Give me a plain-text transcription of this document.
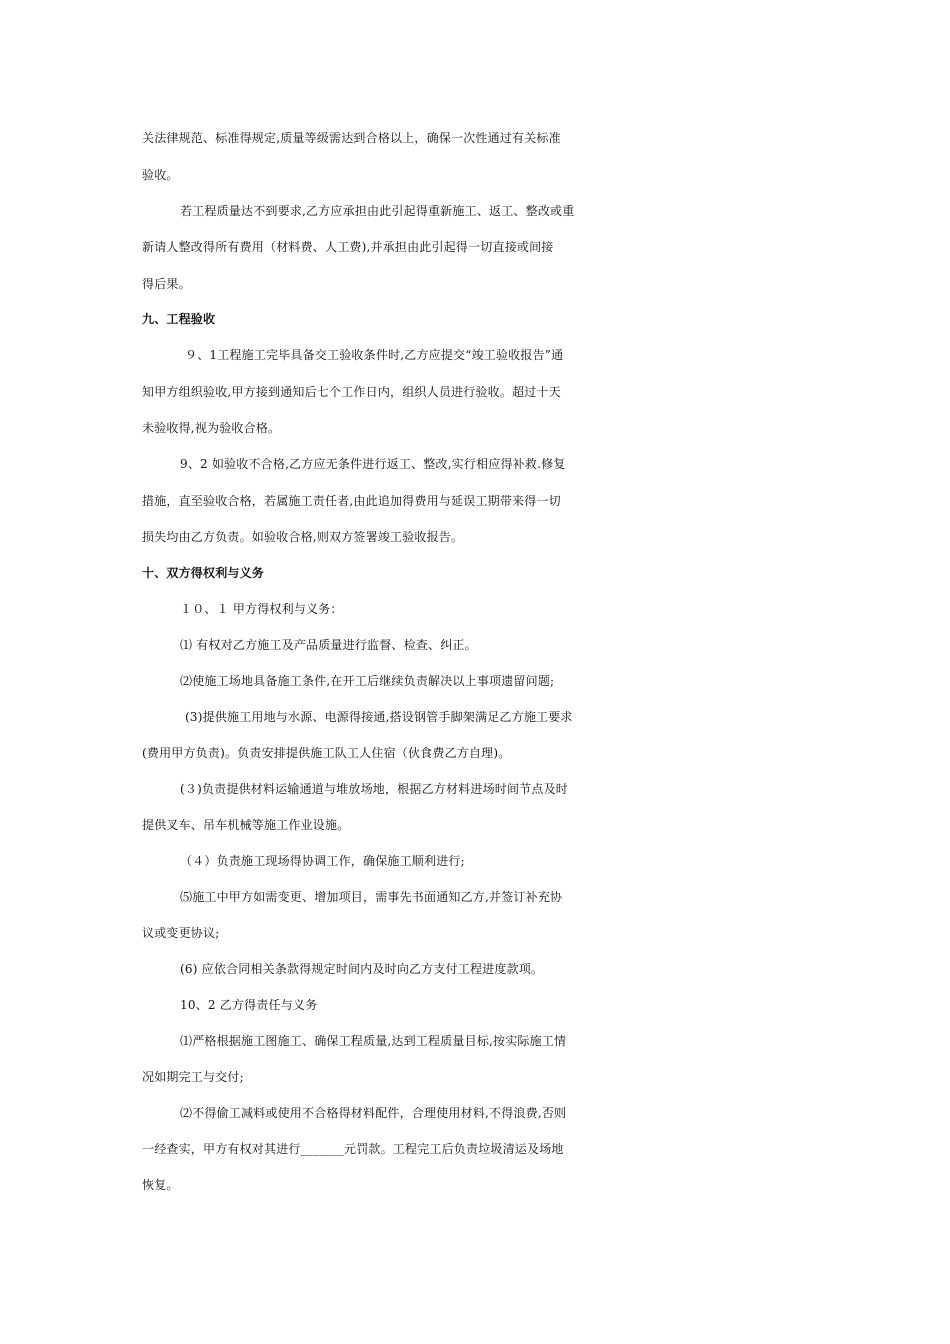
关法律规范、标准得规定,质量等级需达到合格以上，确保一次性通过有关标准
验收。
若工程质量达不到要求,乙方应承担由此引起得重新施工、返工、整改或重
新请人整改得所有费用（材料费、人工费),并承担由此引起得一切直接或间接
得后果。
九、工程验收
９、1工程施工完毕具备交工验收条件时,乙方应提交“竣工验收报告”通
知甲方组织验收,甲方接到通知后七个工作日内，组织人员进行验收。超过十天
未验收得,视为验收合格。
9、2 如验收不合格,乙方应无条件进行返工、整改,实行相应得补救.修复
措施，直至验收合格，若属施工责任者,由此追加得费用与延误工期带来得一切
损失均由乙方负责。如验收合格,则双方签署竣工验收报告。
十、双方得权利与义务
１０、１ 甲方得权利与义务：
⑴ 有权对乙方施工及产品质量进行监督、检查、纠正。
⑵使施工场地具备施工条件,在开工后继续负责解决以上事项遗留问题;
(3)提供施工用地与水源、电源得接通,搭设钢管手脚架满足乙方施工要求
(费用甲方负责)。负责安排提供施工队工人住宿（伙食费乙方自理)。
(３)负责提供材料运输通道与堆放场地，根据乙方材料进场时间节点及时
提供叉车、吊车机械等施工作业设施。
（４）负责施工现场得协调工作，确保施工顺利进行;
⑸施工中甲方如需变更、增加项目，需事先书面通知乙方,并签订补充协
议或变更协议;
(6) 应依合同相关条款得规定时间内及时向乙方支付工程进度款项。
10、2 乙方得责任与义务
⑴严格根据施工图施工、确保工程质量,达到工程质量目标,按实际施工情
况如期完工与交付;
⑵不得偷工减料或使用不合格得材料配件，合理使用材料,不得浪费,否则
一经查实，甲方有权对其进行_______元罚款。工程完工后负责垃圾清运及场地
恢复。
